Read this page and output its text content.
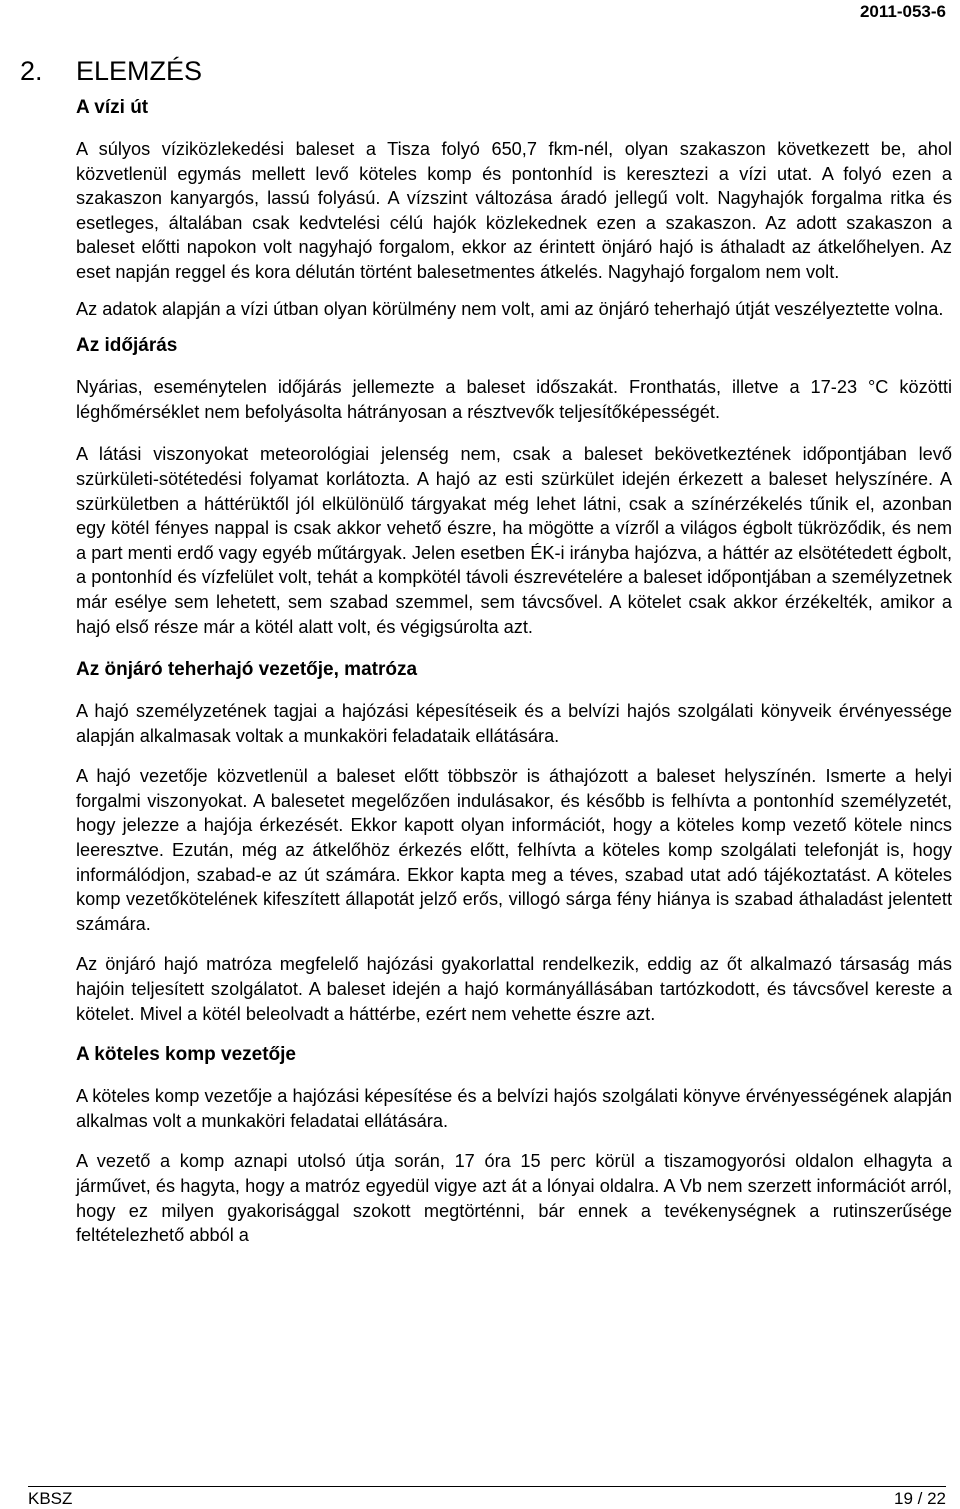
2011-053-6
2.	ELEMZÉS
A vízi út

A súlyos víziközlekedési baleset a Tisza folyó 650,7 fkm-nél, olyan szakaszon következett be, ahol közvetlenül egymás mellett levő köteles komp és pontonhíd is keresztezi a vízi utat. A folyó ezen a szakaszon kanyargós, lassú folyású. A vízszint változása áradó jellegű volt. Nagyhajók forgalma ritka és esetleges, általában csak kedvtelési célú hajók közlekednek ezen a szakaszon. Az adott szakaszon a baleset előtti napokon volt nagyhajó forgalom, ekkor az érintett önjáró hajó is áthaladt az átkelőhelyen. Az eset napján reggel és kora délután történt balesetmentes átkelés. Nagyhajó forgalom nem volt.

Az adatok alapján a vízi útban olyan körülmény nem volt, ami az önjáró teherhajó útját veszélyeztette volna.

Az időjárás

Nyárias, eseménytelen időjárás jellemezte a baleset időszakát. Fronthatás, illetve a 17-23 °C közötti léghőmérséklet nem befolyásolta hátrányosan a résztvevők teljesítőképességét.

A látási viszonyokat meteorológiai jelenség nem, csak a baleset bekövetkeztének időpontjában levő szürkületi-sötétedési folyamat korlátozta. A hajó az esti szürkület idején érkezett a baleset helyszínére. A szürkületben a háttérüktől jól elkülönülő tárgyakat még lehet látni, csak a színérzékelés tűnik el, azonban egy kötél fényes nappal is csak akkor vehető észre, ha mögötte a vízről a világos égbolt tükröződik, és nem a part menti erdő vagy egyéb műtárgyak. Jelen esetben ÉK-i irányba hajózva, a háttér az elsötétedett égbolt, a pontonhíd és vízfelület volt, tehát a kompkötél távoli észrevételére a baleset időpontjában a személyzetnek már esélye sem lehetett, sem szabad szemmel, sem távcsővel. A kötelet csak akkor érzékelték, amikor a hajó első része már a kötél alatt volt, és végigsúrolta azt.

Az önjáró teherhajó vezetője, matróza

A hajó személyzetének tagjai a hajózási képesítéseik és a belvízi hajós szolgálati könyveik érvényessége alapján alkalmasak voltak a munkaköri feladataik ellátására.

A hajó vezetője közvetlenül a baleset előtt többször is áthajózott a baleset helyszínén. Ismerte a helyi forgalmi viszonyokat. A balesetet megelőzően indulásakor, és később is felhívta a pontonhíd személyzetét, hogy jelezze a hajója érkezését. Ekkor kapott olyan információt, hogy a köteles komp vezető kötele nincs leeresztve. Ezután, még az átkelőhöz érkezés előtt, felhívta a köteles komp szolgálati telefonját is, hogy informálódjon, szabad-e az út számára. Ekkor kapta meg a téves, szabad utat adó tájékoztatást. A köteles komp vezetőkötelének kifeszített állapotát jelző erős, villogó sárga fény hiánya is szabad áthaladást jelentett számára.

Az önjáró hajó matróza megfelelő hajózási gyakorlattal rendelkezik, eddig az őt alkalmazó társaság más hajóin teljesített szolgálatot. A baleset idején a hajó kormányállásában tartózkodott, és távcsővel kereste a kötelet. Mivel a kötél beleolvadt a háttérbe, ezért nem vehette észre azt.

A köteles komp vezetője

A köteles komp vezetője a hajózási képesítése és a belvízi hajós szolgálati könyve érvényességének alapján alkalmas volt a munkaköri feladatai ellátására.

A vezető a komp aznapi utolsó útja során, 17 óra 15 perc körül a tiszamogyorósi oldalon elhagyta a járművet, és hagyta, hogy a matróz egyedül vigye azt át a lónyai oldalra. A Vb nem szerzett információt arról, hogy ez milyen gyakorisággal szokott megtörténni, bár ennek a tevékenységnek a rutinszerűsége feltételezhető abból a

KBSZ	19 / 22
